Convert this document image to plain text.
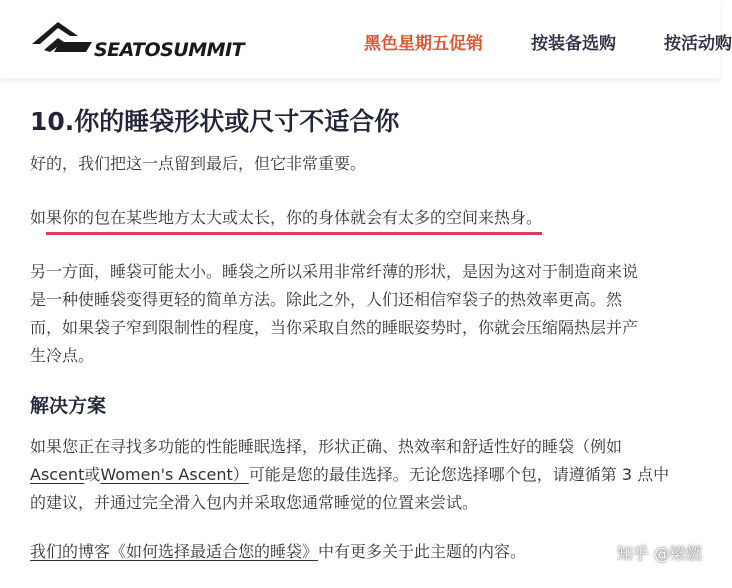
SEATOSUMMIT	黑色星期五促销	按装备选购	按活动购
10.你的睡袋形状或尺寸不适合你
好的，我们把这一点留到最后，但它非常重要。
如果你的包在某些地方太大或太长，你的身体就会有太多的空间来热身。
另一方面，睡袋可能太小。睡袋之所以采用非常纤薄的形状，是因为这对于制造商来说
是一种使睡袋变得更轻的简单方法。除此之外，人们还相信窄袋子的热效率更高。然
而，如果袋子窄到限制性的程度，当你采取自然的睡眠姿势时，你就会压缩隔热层并产
生冷点。
解决方案
如果您正在寻找多功能的性能睡眠选择，形状正确、热效率和舒适性好的睡袋（例如
Ascent或Women's Ascent）可能是您的最佳选择。无论您选择哪个包，请遵循第 3 点中
的建议，并通过完全滑入包内并采取您通常睡觉的位置来尝试。
我们的博客《如何选择最适合您的睡袋》中有更多关于此主题的内容。	知乎 @梁燃
